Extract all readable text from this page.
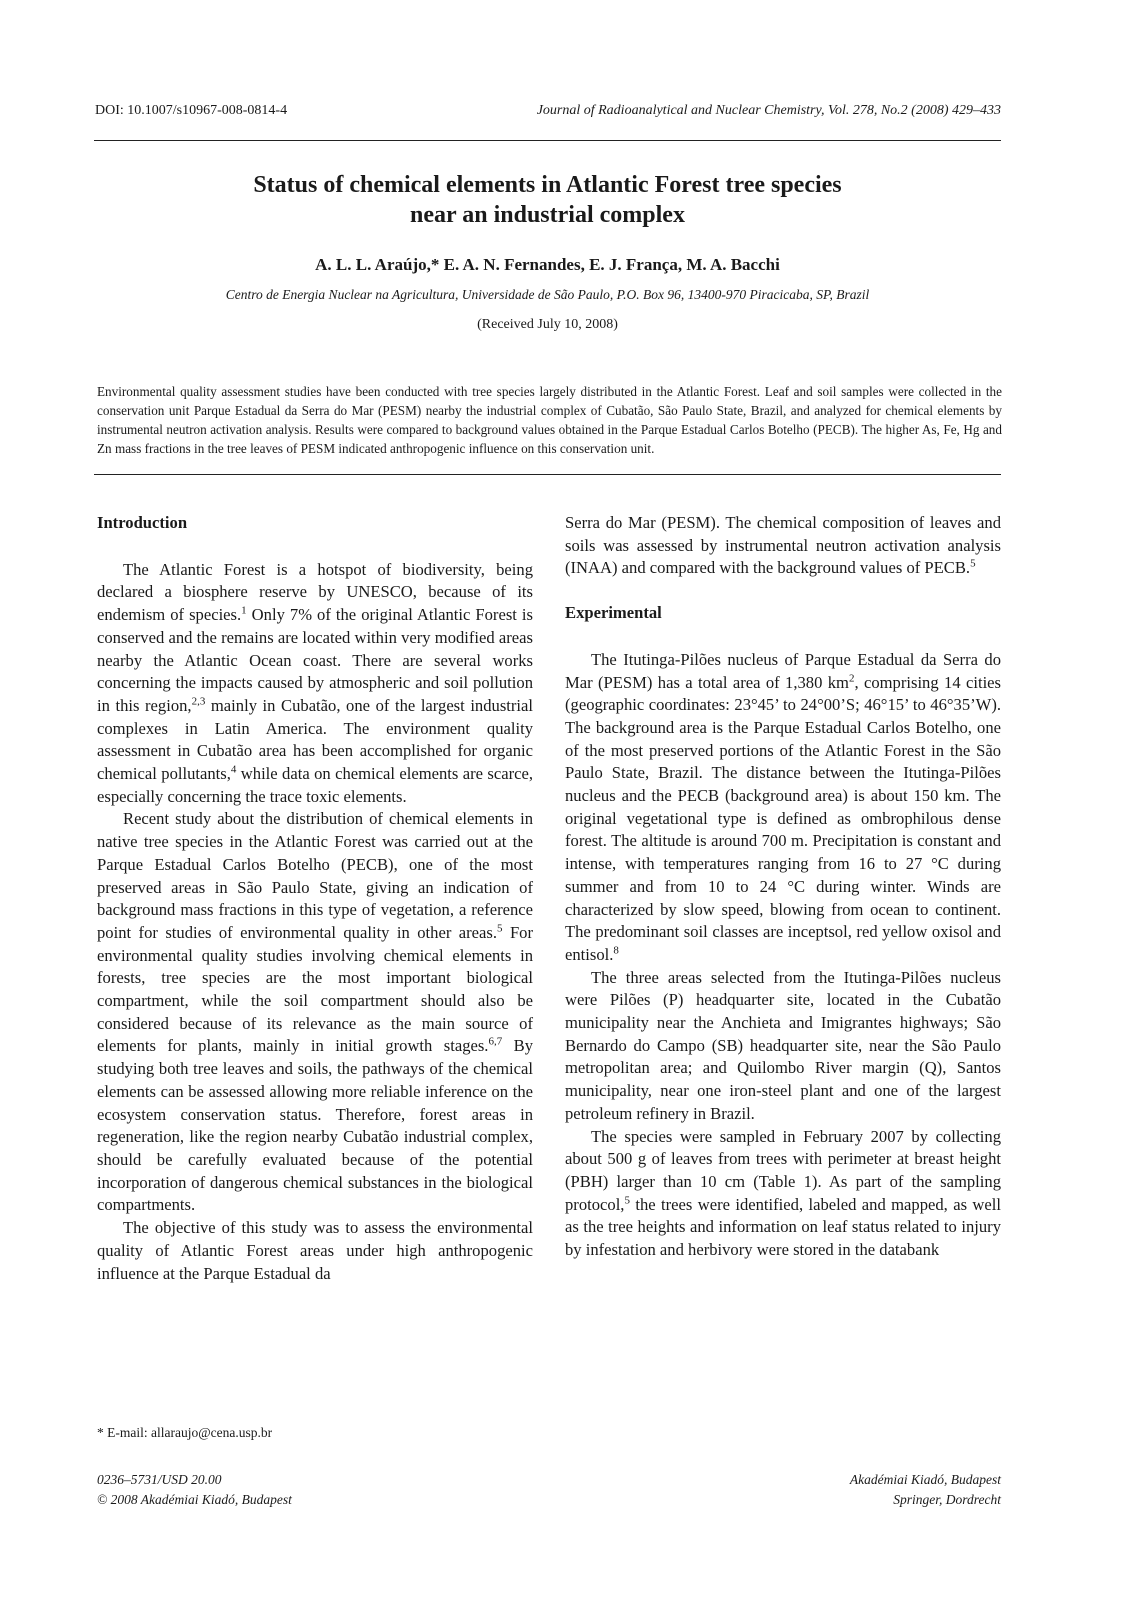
DOI: 10.1007/s10967-008-0814-4	Journal of Radioanalytical and Nuclear Chemistry, Vol. 278, No.2 (2008) 429–433
Status of chemical elements in Atlantic Forest tree species
near an industrial complex
A. L. L. Araújo,* E. A. N. Fernandes, E. J. França, M. A. Bacchi
Centro de Energia Nuclear na Agricultura, Universidade de São Paulo, P.O. Box 96, 13400-970 Piracicaba, SP, Brazil
(Received July 10, 2008)
Environmental quality assessment studies have been conducted with tree species largely distributed in the Atlantic Forest. Leaf and soil samples were collected in the conservation unit Parque Estadual da Serra do Mar (PESM) nearby the industrial complex of Cubatão, São Paulo State, Brazil, and analyzed for chemical elements by instrumental neutron activation analysis. Results were compared to background values obtained in the Parque Estadual Carlos Botelho (PECB). The higher As, Fe, Hg and Zn mass fractions in the tree leaves of PESM indicated anthropogenic influence on this conservation unit.

Introduction

The Atlantic Forest is a hotspot of biodiversity, being declared a biosphere reserve by UNESCO, because of its endemism of species.$^1$ Only 7% of the original Atlantic Forest is conserved and the remains are located within very modified areas nearby the Atlantic Ocean coast. There are several works concerning the impacts caused by atmospheric and soil pollution in this region,$^{2,3}$ mainly in Cubatão, one of the largest industrial complexes in Latin America. The environment quality assessment in Cubatão area has been accomplished for organic chemical pollutants,$^4$ while data on chemical elements are scarce, especially concerning the trace toxic elements.

Recent study about the distribution of chemical elements in native tree species in the Atlantic Forest was carried out at the Parque Estadual Carlos Botelho (PECB), one of the most preserved areas in São Paulo State, giving an indication of background mass fractions in this type of vegetation, a reference point for studies of environmental quality in other areas.$^5$ For environmental quality studies involving chemical elements in forests, tree species are the most important biological compartment, while the soil compartment should also be considered because of its relevance as the main source of elements for plants, mainly in initial growth stages.$^{6,7}$ By studying both tree leaves and soils, the pathways of the chemical elements can be assessed allowing more reliable inference on the ecosystem conservation status. Therefore, forest areas in regeneration, like the region nearby Cubatão industrial complex, should be carefully evaluated because of the potential incorporation of dangerous chemical substances in the biological compartments.

The objective of this study was to assess the environmental quality of Atlantic Forest areas under high anthropogenic influence at the Parque Estadual da

Serra do Mar (PESM). The chemical composition of leaves and soils was assessed by instrumental neutron activation analysis (INAA) and compared with the background values of PECB.$^5$

Experimental

The Itutinga-Pilões nucleus of Parque Estadual da Serra do Mar (PESM) has a total area of 1,380 $km^2$, comprising 14 cities (geographic coordinates: 23°45’ to 24°00’S; 46°15’ to 46°35’W). The background area is the Parque Estadual Carlos Botelho, one of the most preserved portions of the Atlantic Forest in the São Paulo State, Brazil. The distance between the Itutinga-Pilões nucleus and the PECB (background area) is about 150 km. The original vegetational type is defined as ombrophilous dense forest. The altitude is around 700 m. Precipitation is constant and intense, with temperatures ranging from 16 to 27 °C during summer and from 10 to 24 °C during winter. Winds are characterized by slow speed, blowing from ocean to continent. The predominant soil classes are inceptsol, red yellow oxisol and entisol.$^8$

The three areas selected from the Itutinga-Pilões nucleus were Pilões (P) headquarter site, located in the Cubatão municipality near the Anchieta and Imigrantes highways; São Bernardo do Campo (SB) headquarter site, near the São Paulo metropolitan area; and Quilombo River margin (Q), Santos municipality, near one iron-steel plant and one of the largest petroleum refinery in Brazil.

The species were sampled in February 2007 by collecting about 500 g of leaves from trees with perimeter at breast height (PBH) larger than 10 cm (Table 1). As part of the sampling protocol,$^5$ the trees were identified, labeled and mapped, as well as the tree heights and information on leaf status related to injury by infestation and herbivory were stored in the databank

* E-mail: allaraujo@cena.usp.br
0236–5731/USD 20.00
© 2008 Akadémiai Kiadó, Budapest
Akadémiai Kiadó, Budapest
Springer, Dordrecht
